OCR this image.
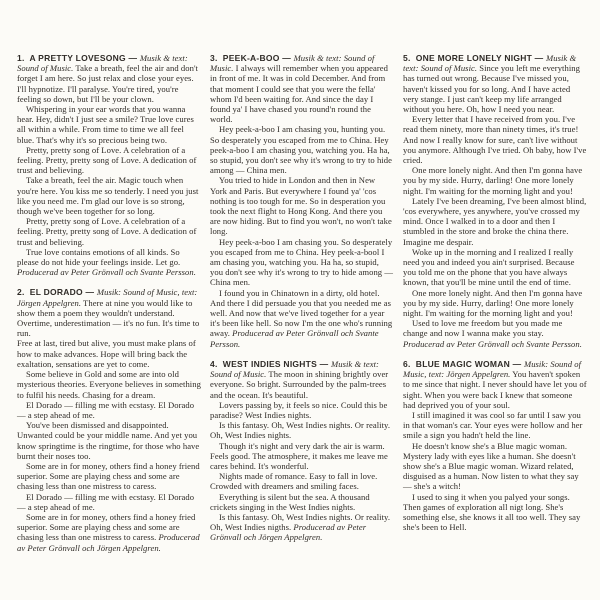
1.  A PRETTY LOVESONG — Musik & text: Sound of Music. Take a breath, feel the air and don't forget I am here. So just relax and close your eyes. I'll hypnotize. I'll paralyse. You're tired, you're feeling so down, but I'll be your clown.

Whispering in your ear words that you wanna hear. Hey, didn't I just see a smile? True love cures all within a while. From time to time we all feel blue. That's why it's so precious being two.

Pretty, pretty song of Love. A celebration of a feeling. Pretty, pretty song of Love. A dedication of trust and believing.

Take a breath, feel the air. Magic touch when you're here. You kiss me so tenderly. I need you just like you need me. I'm glad our love is so strong, though we've been together for so long.

Pretty, pretty song of Love. A celebration of a feeling. Pretty, pretty song of Love. A dedication of trust and believing.

True love contains emotions of all kinds. So please do not hide your feelings inside. Let go. Producerad av Peter Grönvall och Svante Persson.

2.  EL DORADO — Musik: Sound of Music, text: Jörgen Appelgren. There at nine you would like to show them a poem they wouldn't understand. Overtime, underestimation — it's no fun. It's time to run.

Free at last, tired but alive, you must make plans of how to make advances. Hope will bring back the exaltation, sensations are yet to come.

Some believe in Gold and some are into old mysterious theories. Everyone believes in something to fulfil his needs. Chasing for a dream.

El Dorado — filling me with ecstasy. El Dorado — a step ahead of me.

You've been dismissed and disappointed. Unwanted could be your middle name. And yet you know springtime is the ringtime, for those who have burnt their noses too.

Some are in for money, others find a honey friend superior. Some are playing chess and some are chasing less than one mistress to caress.

El Dorado — filling me with ecstasy. El Dorado — a step ahead of me.

Some are in for money, others find a honey fried superior. Some are playing chess and some are chasing less than one mistress to caress. Producerad av Peter Grönvall och Jörgen Appelgren.

3.  PEEK-A-BOO — Musik & text: Sound of Music. I always will remember when you appeared in front of me. It was in cold December. And from that moment I could see that you were the fella' whom I'd been waiting for. And since the day I found ya' I have chased you round'n round the world.

Hey peek-a-boo I am chasing you, hunting you. So desperately you escaped from me to China. Hey peek-a-boo I am chasing you, watching you. Ha ha, so stupid, you don't see why it's wrong to try to hide among — China men.

You tried to hide in London and then in New York and Paris. But everywhere I found ya' 'cos nothing is too tough for me. So in desperation you took the next flight to Hong Kong. And there you are now hiding. But to find you won't, no won't take long.

Hey peek-a-boo I am chasing you. So desperately you escaped from me to China. Hey peek-a-bool I am chasing you, watching you. Ha ha, so stupid, you don't see why it's wrong to try to hide among — China men.

I found you in Chinatown in a dirty, old hotel. And there I did persuade you that you needed me as well. And now that we've lived together for a year it's been like hell. So now I'm the one who's running away. Producerad av Peter Grönvall och Svante Persson.

4.  WEST INDIES NIGHTS — Musik & text: Sound of Music. The moon in shining brightly over everyone. So bright. Surrounded by the palm-trees and the ocean. It's beautiful.

Lovers passing by, it feels so nice. Could this be paradise? West Indies nights.

Is this fantasy. Oh, West Indies nights. Or reality. Oh, West Indies nights.

Though it's night and very dark the air is warm. Feels good. The atmosphere, it makes me leave me cares behind. It's wonderful.

Nights made of romance. Easy to fall in love. Crowded with dreamers and smiling faces.

Everything is silent but the sea. A thousand crickets singing in the West Indies nights.

Is this fantasy. Oh, West Indies nights. Or reality. Oh, West Indies nigths. Producerad av Peter Grönvall och Jörgen Appelgren.

5.  ONE MORE LONELY NIGHT — Musik & text: Sound of Music. Since you left me everything has turned out wrong. Because I've missed you, haven't kissed you for so long. And I have acted very stange. I just can't keep my life arranged without you here. Oh, how I need you near.

Every letter that I have received from you. I've read them ninety, more than ninety times, it's true! And now I really know for sure, can't live without you anymore. Although I've tried. Oh baby, how I've cried.

One more lonely night. And then I'm gonna have you by my side. Hurry, darling! One more lonely night. I'm waiting for the morning light and you!

Lately I've been dreaming, I've been almost blind, 'cos everywhere, yes anywhere, you've crossed my mind. Once I walked in to a door and then I stumbled in the store and broke the china there. Imagine me despair.

Woke up in the morning and I realized I really need you and indeed you ain't surprised. Because you told me on the phone that you have always known, that you'll be mine until the end of time.

One more lonely night. And then I'm gonna have you by my side. Hurry, darling! One more lonely night. I'm waiting for the morning light and you!

Used to love me freedom but you made me change and now I wanna make you stay. Producerad av Peter Grönvall och Svante Persson.

6.  BLUE MAGIC WOMAN — Musik: Sound of Music, text: Jörgen Appelgren. You haven't spoken to me since that night. I never should have let you of sight. When you were back I knew that someone had deprived you of your soul.

I still imagined it was cool so far until I saw you in that woman's car. Your eyes were hollow and her smile a sign you hadn't held the line.

He doesn't know she's a Blue magic woman. Mystery lady with eyes like a human. She doesn't show she's a Blue magic woman. Wizard related, disguised as a human. Now listen to what they say — she's a witch!

I used to sing it when you palyed your songs. Then games of exploration all nigt long. She's something else, she knows it all too well. They say she's been to Hell.
